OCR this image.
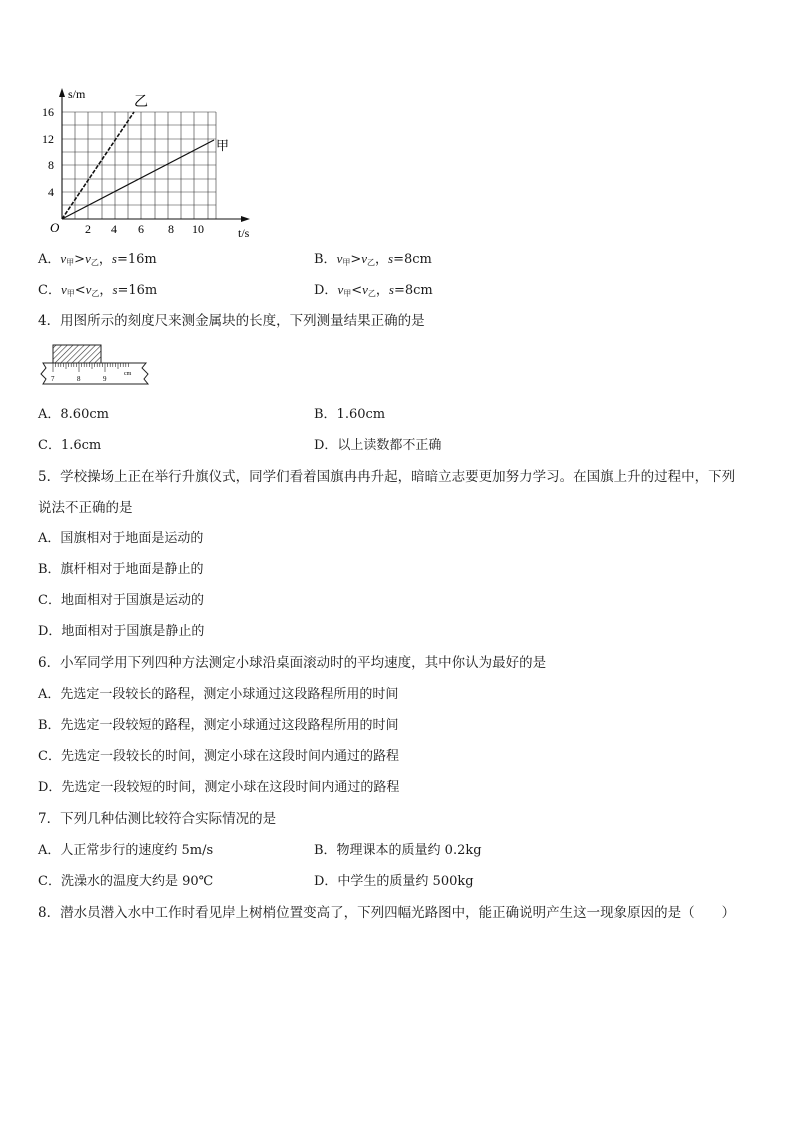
s/m
t/s
O
16
12
8
4
2 4 6 8 10
乙
甲
A．$v_甲>v_乙$，s=16m	B．$v_甲>v_乙$，s=8cm
C．$v_甲<v_乙$，s=16m	D．$v_甲<v_乙$，s=8cm
4．用图所示的刻度尺来测金属块的长度，下列测量结果正确的是
7	8	9
cm
A．8.60cm	B．1.60cm
C．1.6cm	D．以上读数都不正确
5．学校操场上正在举行升旗仪式，同学们看着国旗冉冉升起，暗暗立志要更加努力学习。在国旗上升的过程中，下列
说法不正确的是
A．国旗相对于地面是运动的
B．旗杆相对于地面是静止的
C．地面相对于国旗是运动的
D．地面相对于国旗是静止的
6．小军同学用下列四种方法测定小球沿桌面滚动时的平均速度，其中你认为最好的是
A．先选定一段较长的路程，测定小球通过这段路程所用的时间
B．先选定一段较短的路程，测定小球通过这段路程所用的时间
C．先选定一段较长的时间，测定小球在这段时间内通过的路程
D．先选定一段较短的时间，测定小球在这段时间内通过的路程
7．下列几种估测比较符合实际情况的是
A．人正常步行的速度约 5m/s	B．物理课本的质量约 0.2kg
C．洗澡水的温度大约是 90℃	D．中学生的质量约 500kg
8．潜水员潜入水中工作时看见岸上树梢位置变高了，下列四幅光路图中，能正确说明产生这一现象原因的是（　　）
